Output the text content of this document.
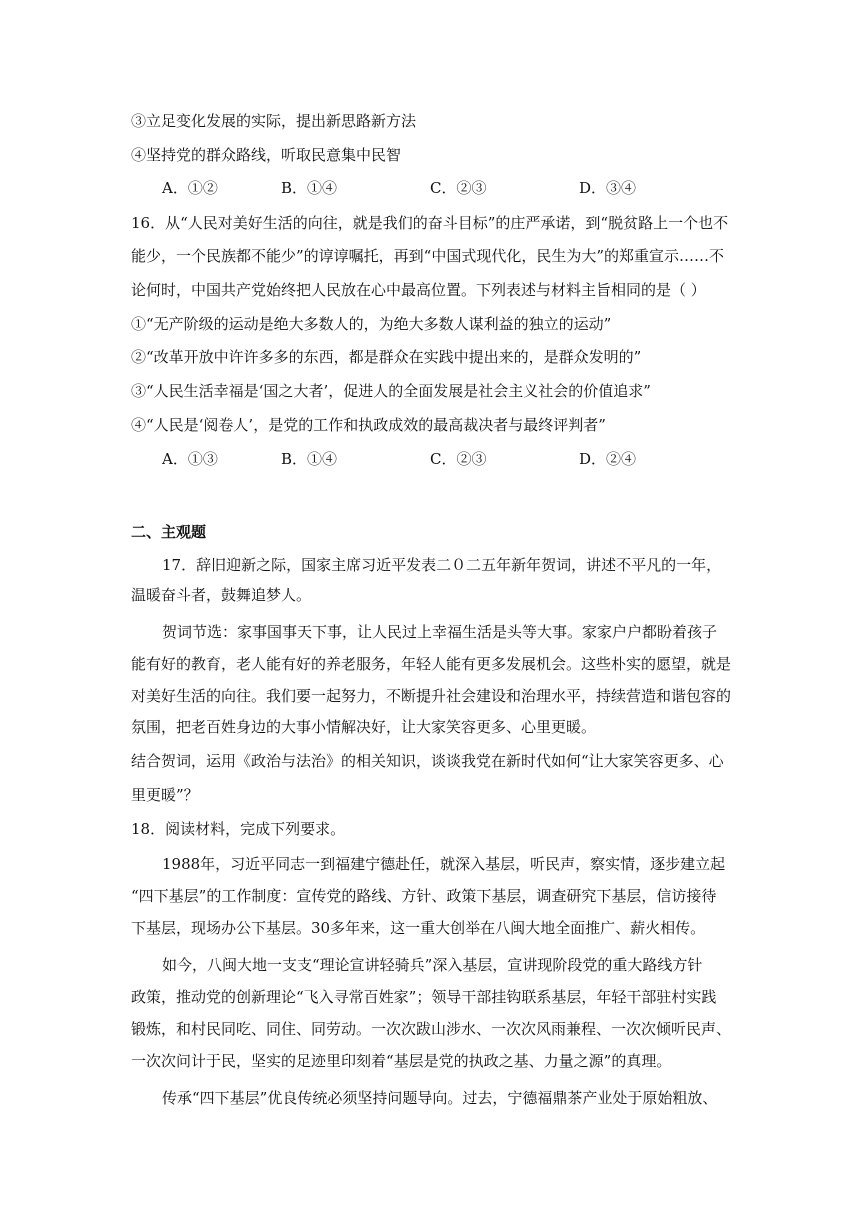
③立足变化发展的实际，提出新思路新方法
④坚持党的群众路线，听取民意集中民智
A．①②	B．①④	C．②③	D．③④
16．从“人民对美好生活的向往，就是我们的奋斗目标”的庄严承诺，到“脱贫路上一个也不
能少，一个民族都不能少”的谆谆嘱托，再到“中国式现代化，民生为大”的郑重宣示……不
论何时，中国共产党始终把人民放在心中最高位置。下列表述与材料主旨相同的是（ ）
①“无产阶级的运动是绝大多数人的，为绝大多数人谋利益的独立的运动”
②“改革开放中许许多多的东西，都是群众在实践中提出来的，是群众发明的”
③“人民生活幸福是‘国之大者’，促进人的全面发展是社会主义社会的价值追求”
④“人民是‘阅卷人’，是党的工作和执政成效的最高裁决者与最终评判者”
A．①③	B．①④	C．②③	D．②④
二、主观题
17．辞旧迎新之际，国家主席习近平发表二０二五年新年贺词，讲述不平凡的一年，
温暖奋斗者，鼓舞追梦人。
贺词节选：家事国事天下事，让人民过上幸福生活是头等大事。家家户户都盼着孩子
能有好的教育，老人能有好的养老服务，年轻人能有更多发展机会。这些朴实的愿望，就是
对美好生活的向往。我们要一起努力，不断提升社会建设和治理水平，持续营造和谐包容的
氛围，把老百姓身边的大事小情解决好，让大家笑容更多、心里更暖。
结合贺词，运用《政治与法治》的相关知识，谈谈我党在新时代如何“让大家笑容更多、心
里更暖”？
18．阅读材料，完成下列要求。
1988年，习近平同志一到福建宁德赴任，就深入基层，听民声，察实情，逐步建立起
“四下基层”的工作制度：宣传党的路线、方针、政策下基层，调查研究下基层，信访接待
下基层，现场办公下基层。30多年来，这一重大创举在八闽大地全面推广、薪火相传。
如今，八闽大地一支支“理论宣讲轻骑兵”深入基层，宣讲现阶段党的重大路线方针
政策，推动党的创新理论“飞入寻常百姓家”；领导干部挂钩联系基层，年轻干部驻村实践
锻炼，和村民同吃、同住、同劳动。一次次跋山涉水、一次次风雨兼程、一次次倾听民声、
一次次问计于民，坚实的足迹里印刻着“基层是党的执政之基、力量之源”的真理。
传承“四下基层”优良传统必须坚持问题导向。过去，宁德福鼎茶产业处于原始粗放、
